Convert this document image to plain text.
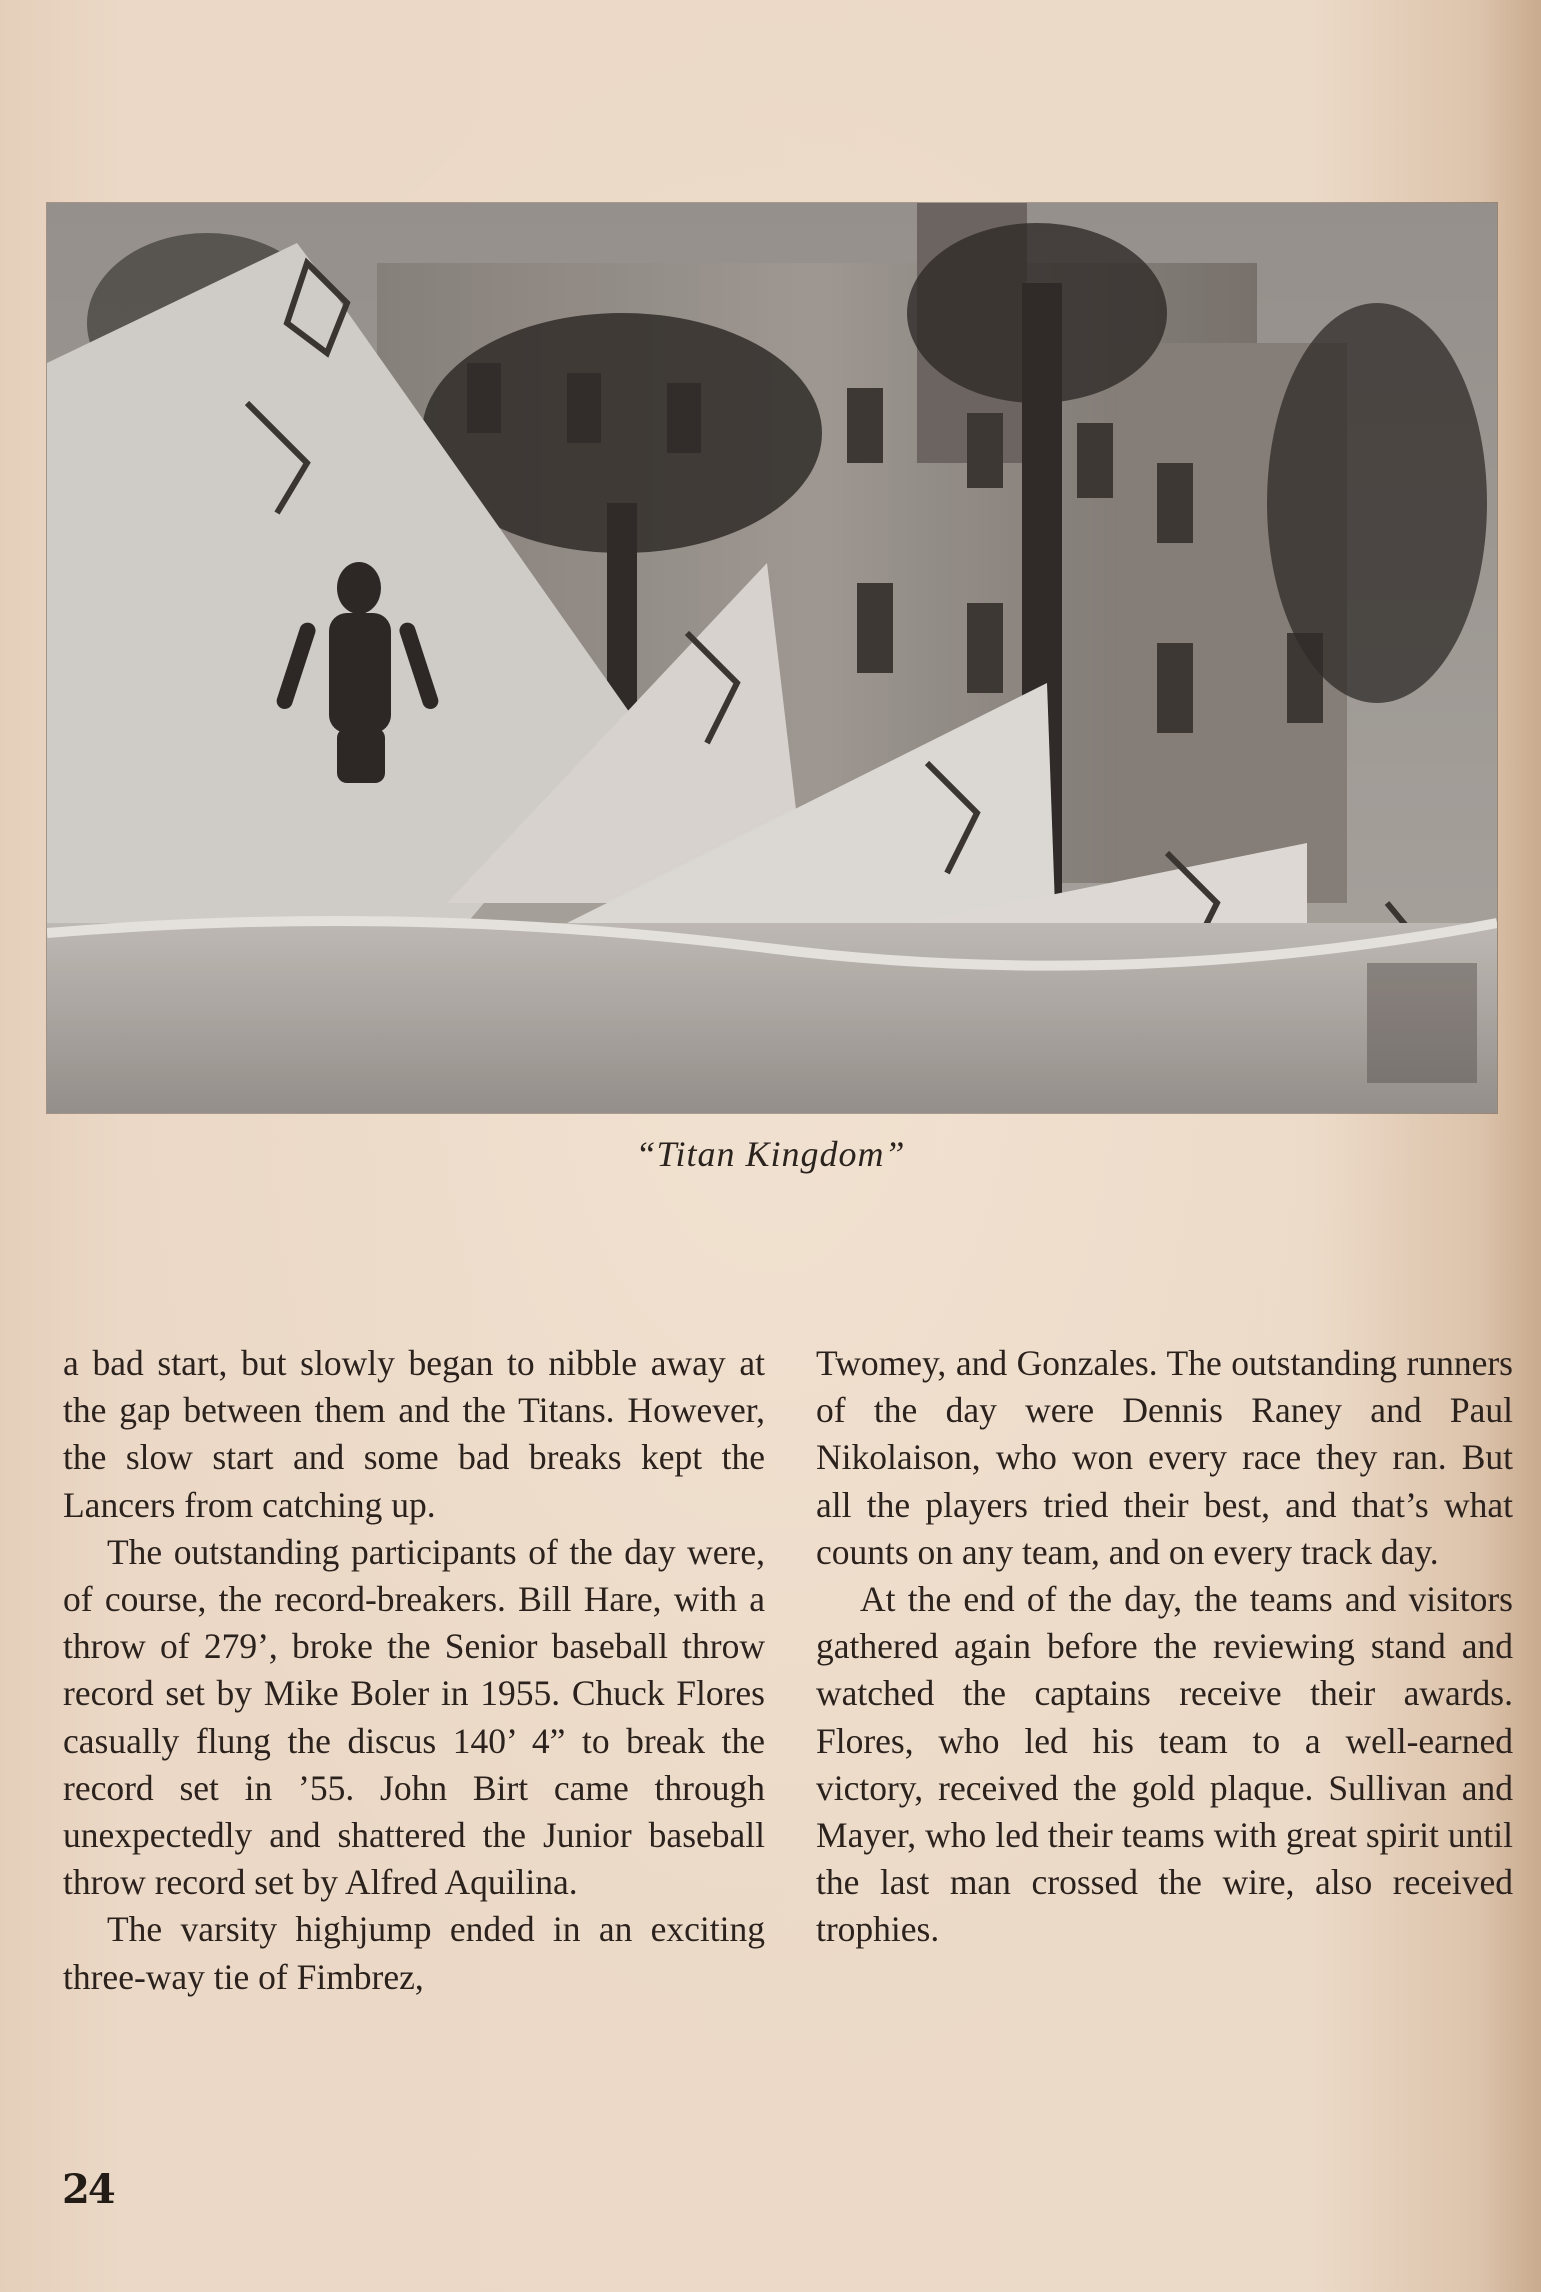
“Titan Kingdom”

a bad start, but slowly began to nibble away at the gap between them and the Titans. However, the slow start and some bad breaks kept the Lancers from catching up.

The outstanding participants of the day were, of course, the record-breakers. Bill Hare, with a throw of 279’, broke the Senior baseball throw record set by Mike Boler in 1955. Chuck Flores casually flung the discus 140’ 4” to break the record set in ’55. John Birt came through unexpectedly and shattered the Junior baseball throw record set by Alfred Aquilina.

The varsity highjump ended in an exciting three-way tie of Fimbrez,

Twomey, and Gonzales. The outstanding runners of the day were Dennis Raney and Paul Nikolaison, who won every race they ran. But all the players tried their best, and that’s what counts on any team, and on every track day.

At the end of the day, the teams and visitors gathered again before the reviewing stand and watched the captains receive their awards. Flores, who led his team to a well-earned victory, received the gold plaque. Sullivan and Mayer, who led their teams with great spirit until the last man crossed the wire, also received trophies.

24
